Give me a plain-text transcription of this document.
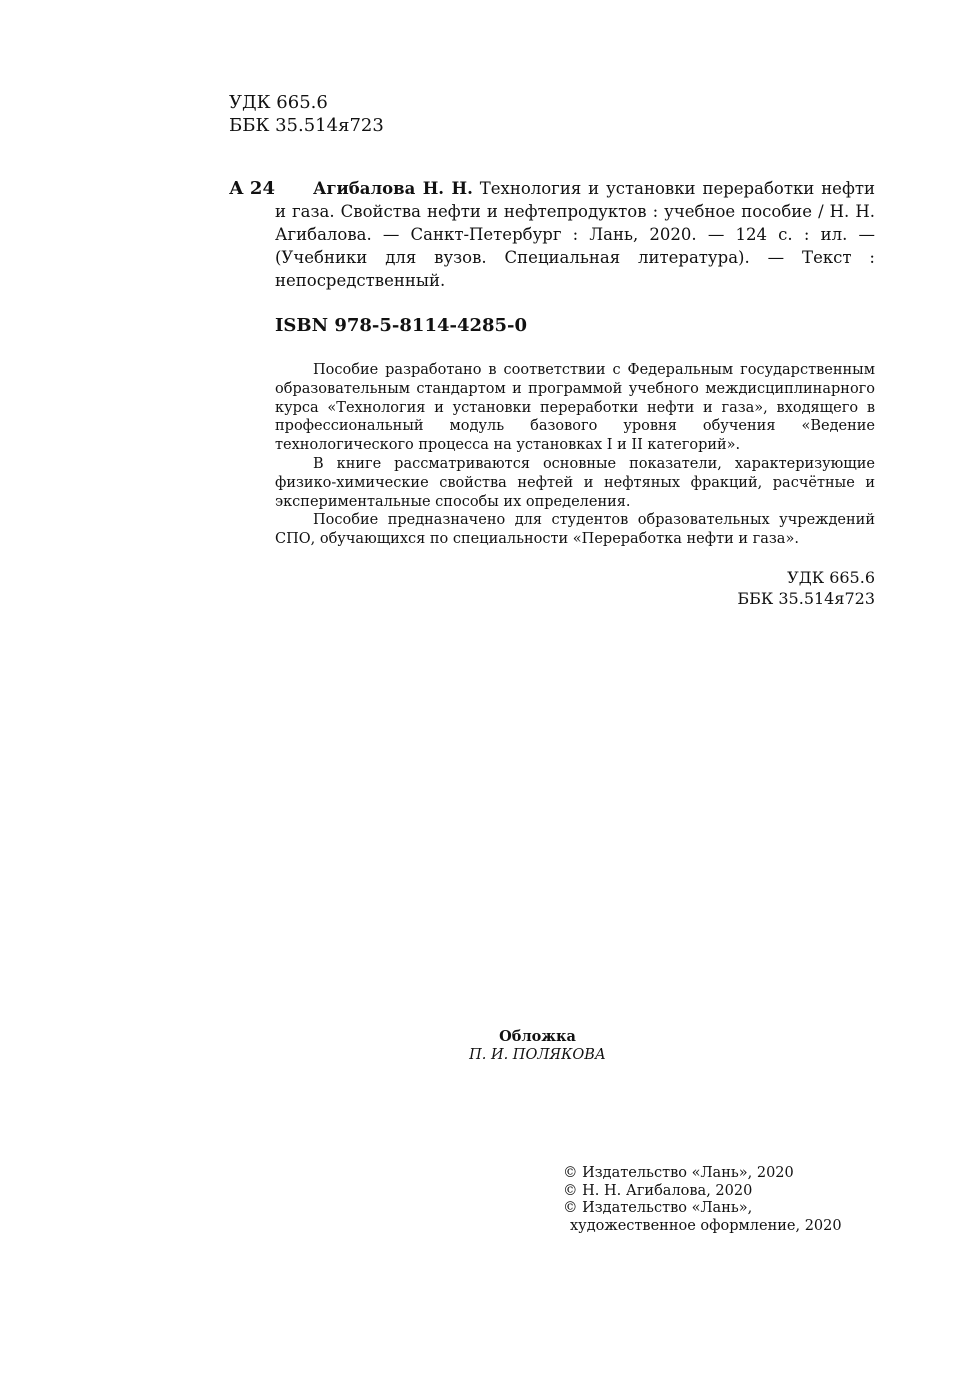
УДК 665.6
ББК 35.514я723
А 24	Агибалова Н. Н. Технология и установки переработки нефти и газа. Свойства нефти и нефтепродуктов : учебное пособие / Н. Н. Агибалова. — Санкт-Петербург : Лань, 2020. — 124 с. : ил. — (Учебники для вузов. Специальная литература). — Текст : непосредственный.

ISBN 978-5-8114-4285-0

Пособие разработано в соответствии с Федеральным государственным образовательным стандартом и программой учебного междисциплинарного курса «Технология и установки переработки нефти и газа», входящего в профессиональный модуль базового уровня обучения «Ведение технологического процесса на установках I и II категорий».

В книге рассматриваются основные показатели, характеризующие физико-химические свойства нефтей и нефтяных фракций, расчётные и экспериментальные способы их определения.

Пособие предназначено для студентов образовательных учреждений СПО, обучающихся по специальности «Переработка нефти и газа».

УДК 665.6
ББК 35.514я723
Обложка
П. И. ПОЛЯКОВА
© Издательство «Лань», 2020
© Н. Н. Агибалова, 2020
© Издательство «Лань»,
художественное оформление, 2020
